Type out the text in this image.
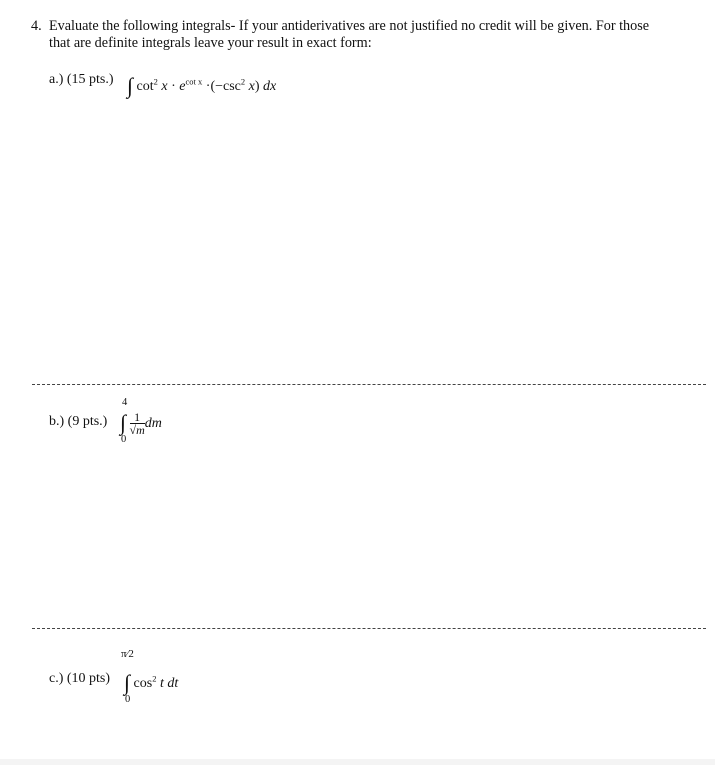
4. Evaluate the following integrals- If your antiderivatives are not justified no credit will be given. For those
that are definite integrals leave your result in exact form:

a.) (15 pts.) ∫ $\cot^2 x \cdot e^{cot x} \cdot(-\csc^2$ x) dx
b.) (9 pts.)
4
0
∫ $\frac{1}{√m}$ dm
c.) (10 pts)
π⁄2
0
∫ $\cos^2 t$ dt
